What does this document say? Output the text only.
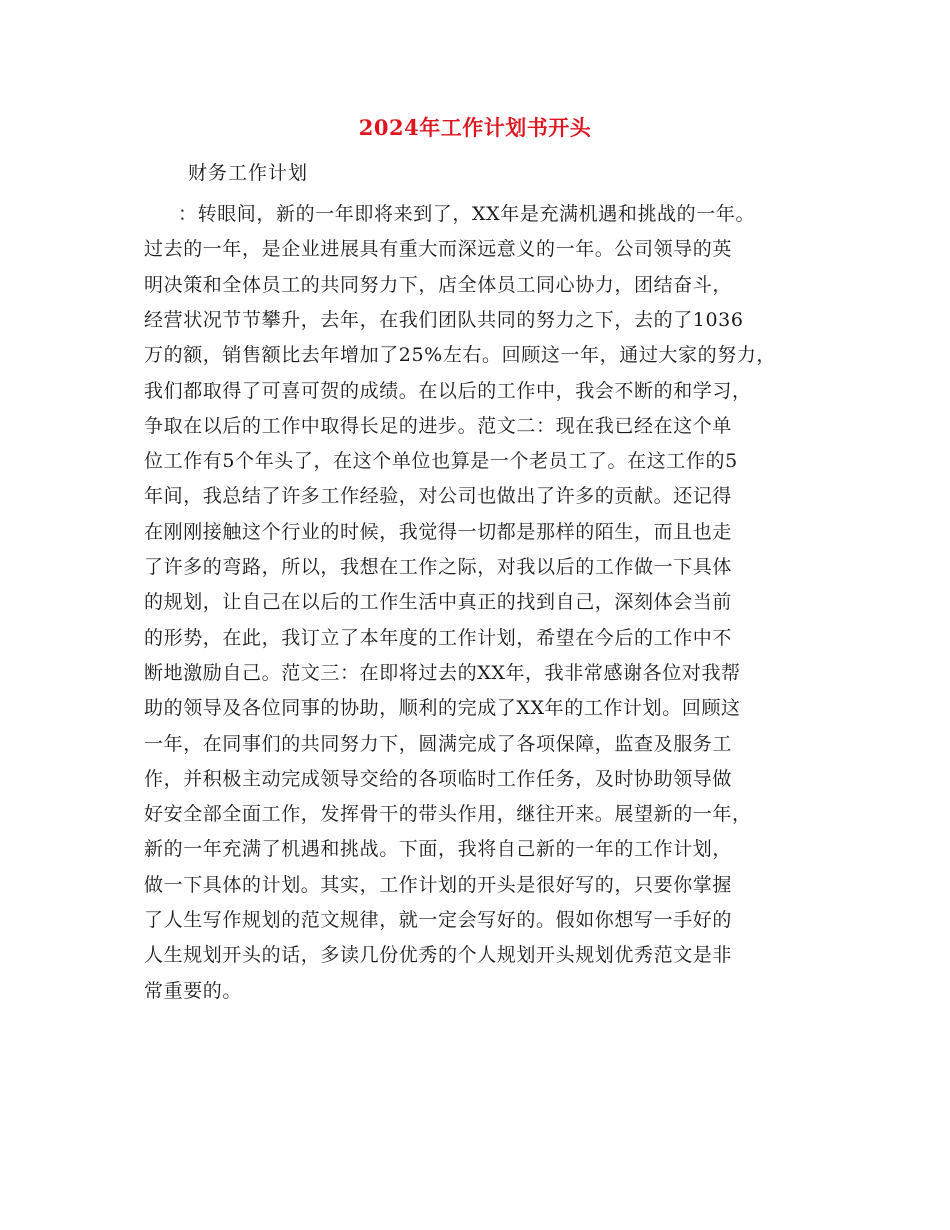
2024年工作计划书开头
财务工作计划
：转眼间，新的一年即将来到了，XX年是充满机遇和挑战的一年。
过去的一年，是企业进展具有重大而深远意义的一年。公司领导的英
明决策和全体员工的共同努力下，店全体员工同心协力，团结奋斗，
经营状况节节攀升，去年，在我们团队共同的努力之下，去的了1036
万的额，销售额比去年增加了25%左右。回顾这一年，通过大家的努力，
我们都取得了可喜可贺的成绩。在以后的工作中，我会不断的和学习，
争取在以后的工作中取得长足的进步。范文二：现在我已经在这个单
位工作有5个年头了，在这个单位也算是一个老员工了。在这工作的5
年间，我总结了许多工作经验，对公司也做出了许多的贡献。还记得
在刚刚接触这个行业的时候，我觉得一切都是那样的陌生，而且也走
了许多的弯路，所以，我想在工作之际，对我以后的工作做一下具体
的规划，让自己在以后的工作生活中真正的找到自己，深刻体会当前
的形势，在此，我订立了本年度的工作计划，希望在今后的工作中不
断地激励自己。范文三：在即将过去的XX年，我非常感谢各位对我帮
助的领导及各位同事的协助，顺利的完成了XX年的工作计划。回顾这
一年，在同事们的共同努力下，圆满完成了各项保障，监查及服务工
作，并积极主动完成领导交给的各项临时工作任务，及时协助领导做
好安全部全面工作，发挥骨干的带头作用，继往开来。展望新的一年，
新的一年充满了机遇和挑战。下面，我将自己新的一年的工作计划，
做一下具体的计划。其实，工作计划的开头是很好写的，只要你掌握
了人生写作规划的范文规律，就一定会写好的。假如你想写一手好的
人生规划开头的话，多读几份优秀的个人规划开头规划优秀范文是非
常重要的。
